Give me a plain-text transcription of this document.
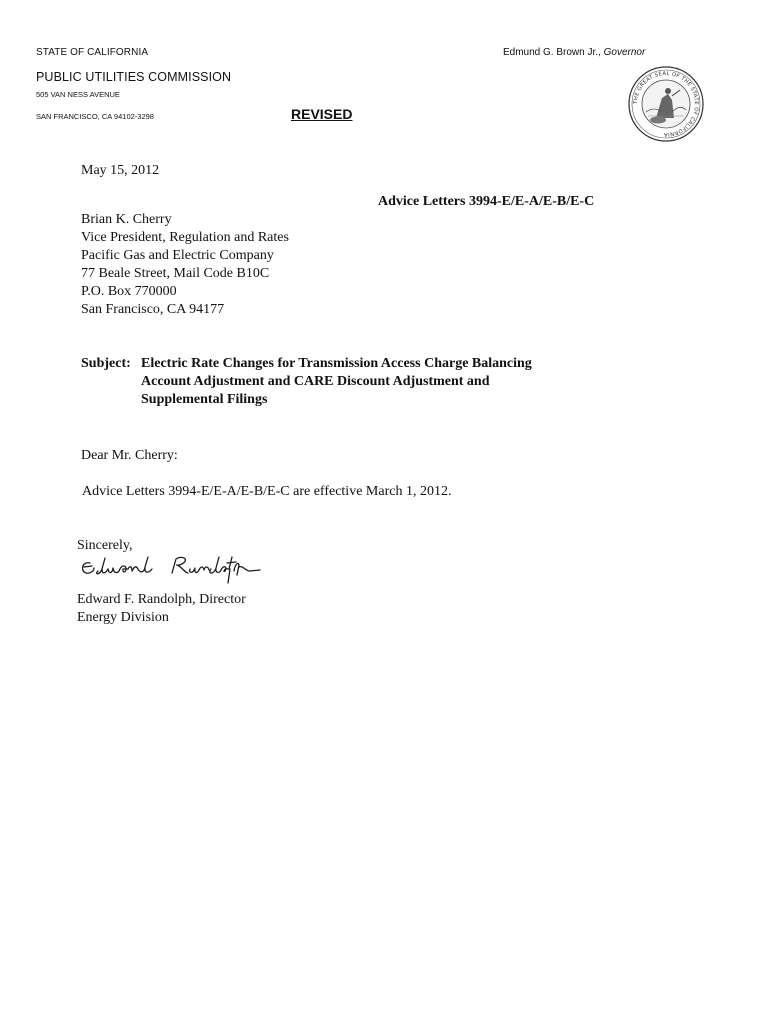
STATE OF CALIFORNIA	Edmund G. Brown Jr., Governor
PUBLIC UTILITIES COMMISSION
505 VAN NESS AVENUE
SAN FRANCISCO, CA 94102-3298	REVISED
THE GREAT SEAL OF THE STATE OF CALIFORNIA
May 15, 2012
Advice Letters 3994-E/E-A/E-B/E-C
Brian K. Cherry
Vice President, Regulation and Rates
Pacific Gas and Electric Company
77 Beale Street, Mail Code B10C
P.O. Box 770000
San Francisco, CA 94177
Subject: Electric Rate Changes for Transmission Access Charge Balancing
Account Adjustment and CARE Discount Adjustment and
Supplemental Filings
Dear Mr. Cherry:
Advice Letters 3994-E/E-A/E-B/E-C are effective March 1, 2012.
Sincerely,
Edward F. Randolph, Director
Energy Division
